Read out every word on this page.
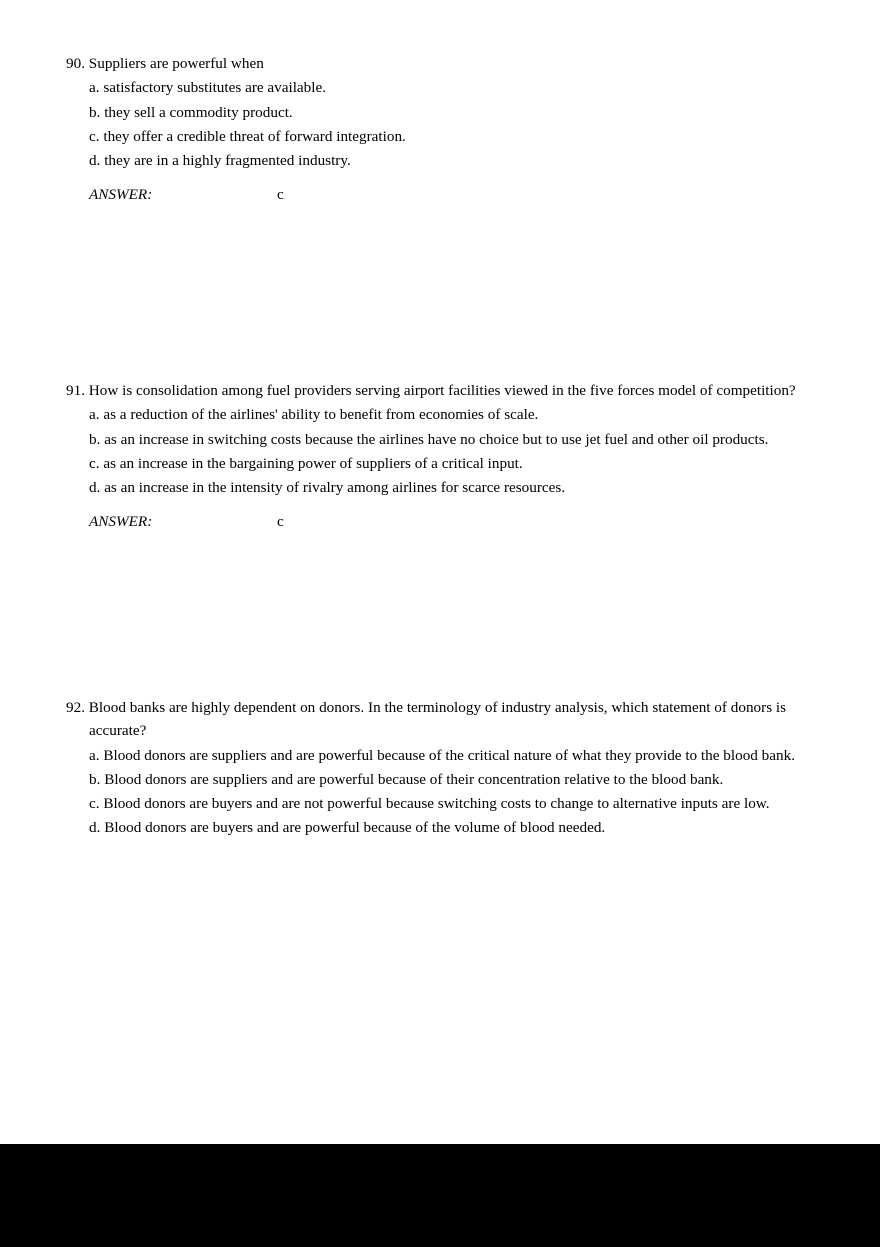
90. Suppliers are powerful when

a. satisfactory substitutes are available.
b. they sell a commodity product.
c. they offer a credible threat of forward integration.
d. they are in a highly fragmented industry.
ANSWER:	c

91. How is consolidation among fuel providers serving airport facilities viewed in the five forces model of competition?

a. as a reduction of the airlines' ability to benefit from economies of scale.
b. as an increase in switching costs because the airlines have no choice but to use jet fuel and other oil products.
c. as an increase in the bargaining power of suppliers of a critical input.
d. as an increase in the intensity of rivalry among airlines for scarce resources.
ANSWER:	c

92. Blood banks are highly dependent on donors. In the terminology of industry analysis, which statement of donors is accurate?

a. Blood donors are suppliers and are powerful because of the critical nature of what they provide to the blood bank.
b. Blood donors are suppliers and are powerful because of their concentration relative to the blood bank.
c. Blood donors are buyers and are not powerful because switching costs to change to alternative inputs are low.
d. Blood donors are buyers and are powerful because of the volume of blood needed.
